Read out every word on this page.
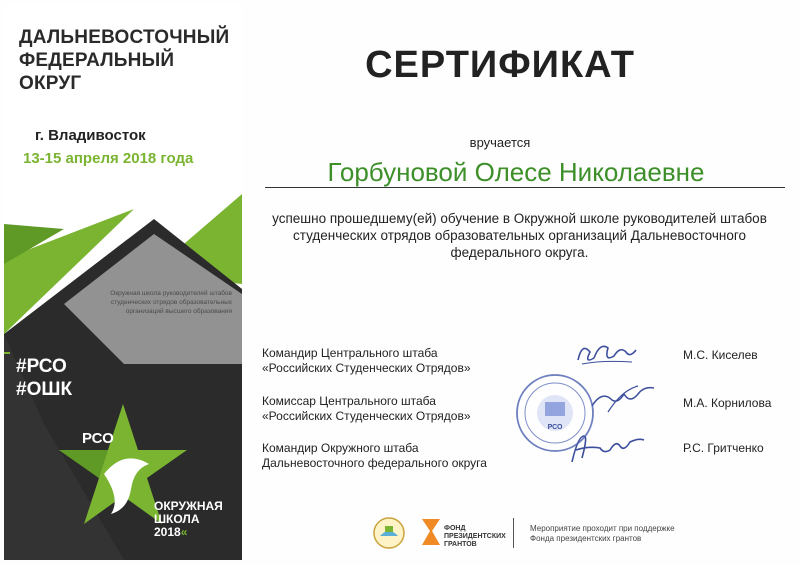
ДАЛЬНЕВОСТОЧНЫЙ
ФЕДЕРАЛЬНЫЙ
ОКРУГ
г. Владивосток
13-15 апреля 2018 года
Окружная школа руководителей штабов студенческих отрядов образовательных организаций высшего образования
#РСО
#ОШК
РСО
ОКРУЖНАЯ
ШКОЛА
2018«
СЕРТИФИКАТ
вручается
Горбуновой Олесе Николаевне
успешно прошедшему(ей) обучение в Окружной школе руководителей штабов студенческих отрядов образовательных организаций Дальневосточного федерального округа.
Командир Центрального штаба
«Российских Студенческих Отрядов»
М.С. Киселев
Комиссар Центрального штаба
«Российских Студенческих Отрядов»
М.А. Корнилова
Командир Окружного штаба
Дальневосточного федерального округа
Р.С. Гритченко
РСО
ФОНД
ПРЕЗИДЕНТСКИХ
ГРАНТОВ
Мероприятие проходит при поддержке
Фонда президентских грантов
